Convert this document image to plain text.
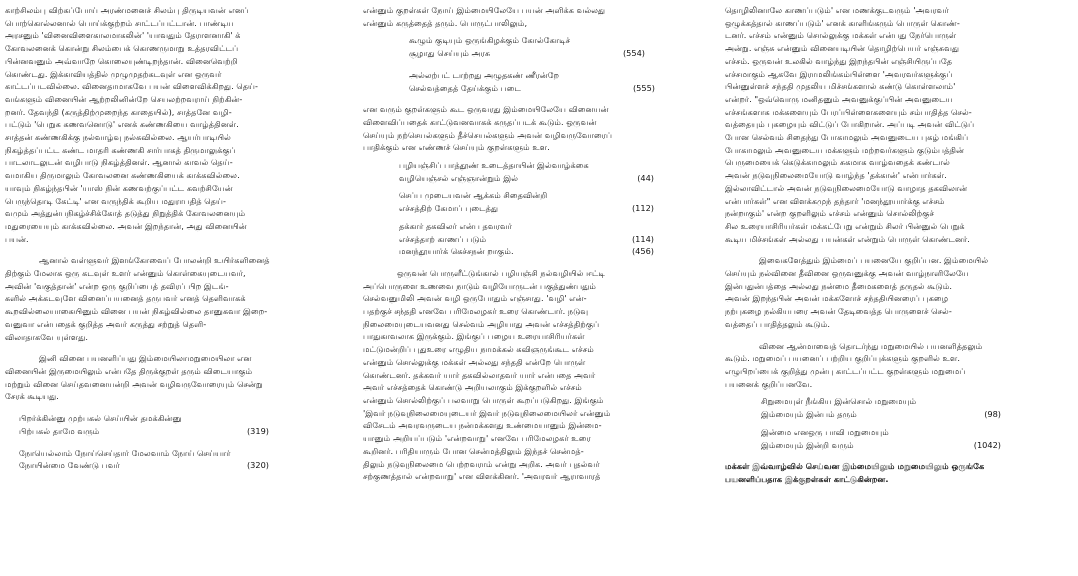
காற்சிலம்பு விற்கப்போய் அரண்மனைச் சிலம்பு திருடியவன் எனப்

பொற்கொல்லனால் பொய்க்குற்றம் சாட்டப்பட்டான். பாண்டிய

அரசனும் 'வினைவிளைகாலமாகலின்' 'யாவதும் தேராளனாகி' க்

கோவலனைக் கொன்று சிலம்பைக் கொணருமாறு உத்தரவிட்டப்

பின்னவனும் அவ்வாறே கொலையுண்டிறந்தான். வினைவெற்றி

கொண்டது. இக்காவியத்தில் முழுமுதற்கடவுள் என ஒருவர்

காட்டப்படவில்லை. வினைதாமாகவே பயன் விளைவிக்கிறது. தெய்-

வங்களும் வினையின் ஆற்றலினின்றே செயலற்றவராய் நிற்கின்-

றனர். தேவந்தி (கருத்திற்முறைந்த காதையில்), சாத்தனே வழி-

பட்டும் 'பெறுக கணவனொடு' எனக் கண்ணகியை வாழ்த்தினள்.

சாத்தன் கண்ணகிக்கு நல்வாழ்வு நல்கவில்லை. ஆயர்பாடியில்

நிகழ்த்தப்பட்ட கண்ட மாதரி கண்ணகி சார்பாகத் திருமாலுக்குப்

பாடலாடலுடன் வழிபாடு நிகழ்த்தினள். ஆனால் காவல் தெய்-

வமாகிய திருமாலும் கோவலனை கண்ணகியைக் காக்கவில்லை.

யாவும் நிகழ்ந்தபின் 'யாஸ் நின் கணவற்குப்பட்ட கவற்சியேன்

பெருந்தொடி கேட்டி' என வருந்திக் கூறிய மதுராபதித் தெய்-

வமும் அத்துன்பநிகழ்ச்சிக்கோத் தடுத்து நிறுத்திக் கோவலனையும்

மதுரையையும் காக்கவில்லை. அவன் இறந்தான், அது வினையின்

பயன்.

ஆனால் வள்ளுவர் இளங்கோவைப் போலன்றி உயிர்களினைத்

திற்கும் மேலாக ஒரு கடவுள் உளர் என்னும் கொள்கையுடையவர்,

அவின் 'வகுத்தான்' என்ற ஒரு குறிப்பைத் தவிரப் பிற இடங்-

களில் அக்கடவுளே வினைப்பயனைத் தருபவர் எனத் தெளிவாகக்

கூறவில்லையாகையினும் வினை பயன் நிகழ்வில்லை தானுகவா இறை-

வனுவா என்பதைக் குறித்த அவர் கருத்து சற்றுத் தெளி-

விலாதாகவே யுள்ளது.

இனி வினை பயனளிப்பது இம்மையிலாமறுமையிலா என

வினையின் இருமையிலும் என்பதே திருக்குறள் தரும் விடையாகும்

மற்றும் வினை செய்தவனையன்றி அவன் வழிவருவோரையும் சென்று

சேரக் கூடியது.

பிறர்க்கின்னு முற்பகல் செய்யின் தமக்கின்னு
பிற்பகல் தாமே வரும்	(319)
நோயெல்லாம் நோய்செய்தார் மேலவாம் நோய் செய்யார்
நோயின்மை வேண்டு பவர்	(320)

என்னும் குறள்கள் நோய் இம்மையிலேயே பயன் அளிக்க வல்லது

என்னும் கருத்தைத் தரும். பொருட்பாலிலும்,

கூழும் குடியும் ஒருங்கிழக்கும் கோல்கோடிச்
சூழாது செய்யும் அரசு	(554)
அல்லற்பட் டாற்றது அழுதகண் ணீரன்றே
செல்வத்தைத் தேய்க்கும் படை	(555)

என வரும் குறள்களும் கூட ஒருவரது இம்மையிலேயே வினையன்

விளைவிப்பதைக் காட்டுவனவாகக் கருதப்படக் கூடும். ஒருவன்

செய்யும் நற்செயல்களும் தீச்செயல்களும் அவன் வழிவருவோரைப்

பாதிக்கும் என எண்ணச் செய்யும் குறள்களும் உள.

பழியஞ்சிப் பாத்தூண் உடைத்தாயின் இல்வாழ்க்கை
வழியெஞ்சல் எஞ்ஞான்றும் இல்	(44)
செப்ப முடையவன் ஆக்கம் சிதைவின்றி
எச்சத்திற் கேமாப் புடைத்து	(112)
தக்கார் தகவிலர் என்ப தவரவர்
எச்சத்தாற் காணப் படும்	(114)
மனந்தூயார்க் கெச்சநன் றாகும்.	(456)

ஒருவன் பொருளீட்டுங்கால் பழியஞ்சி நல்வழியில் ஈட்டி

அப்பொருளை உணவை நாடும் வழியோருடன் பகுத்துண்பதும்

செல்வனுமிலி அவன் வழி ஒருபோதும் எஞ்சாது. 'வழி' என்-

பதற்குச் சந்ததி எனவே பரிமேலழகர் உரை கொண்டார். நடுவு

நிலைமையுடையவனது செல்வம் அழியாது அவன் எச்சத்திற்குப்

பாதுகாவலாக இருக்கும். இங்குப் பழைய உரையாசிரியர்கள்

மட்டுமன்றிப் புதுஉரை எழுதிய நாமக்கல் கவிஞருங்கூட எச்சம்

என்னும் சொல்லுக்கு மக்கள் அல்லது சந்ததி என்றே பொருள்

கொண்டனர். தக்கவர் யார் தகவில்லாதவர் யார் என்பதை அவர்

அவர் எச்சத்தைக் கொண்டு அறியலாகும் இக்குறளில் எச்சம்

என்னும் சொல்லிற்குப் பலவாறு பொருள் கூறப்படுகிறது. இங்கும்

'இவர் நடுவுநிலைமையுடையர் இவர் நடுவுநிலைமையிலர் என்னும்

விசேடம் அவரவருடைய நன்மக்களது உண்மையானும் இன்மை-

யானும் அறியப்படும் 'என்றவாறு' எனவே பரிமேலழகர் உரை

கூறினர். பரிதியாரும் போன சென்மத்திலும் இந்தச் சென்மத்-

திலும் நடுவுநிலைமை பெற்றவராம் என்று அறிக. அவர் புதல்வர்

சற்குணத்தால் என்றவாறு' என விளக்கினர். 'அவரவர் ஆராவாரத்

தொழிலினாலே காணப்படும்' என மணக்குடவரும் 'அவரவர்

ஒழுக்கத்தால் காணப்படும்' எனக் காளிங்கரும் பொருள் கொண்-

டனர். எச்சம் என்னும் சொல்லுக்கு மக்கள் என்பது நேர்பொருள்

அன்று. எஞ்சு என்னும் வினையடியின் தொழிற்பெயர் எஞ்சுவது

எச்சம். ஒருவன் உலகில் வாழ்ந்து இறந்தபின் எஞ்சியிருப்பதே

எச்சமாகும் ஆகவே இராமலிங்கம்பிள்ளை 'அவரவர்களுக்குப்

பின்னுள்ளச் சந்ததி முதலிய மிச்சங்களால் கண்டு கொள்ளலாம்'

என்றர். "ஒவ்வொரு மனிதனும் அவனுக்குப்பின் அவனுடைய

எச்சங்களாக மக்களையும் பேரப்பிள்ளைகளையும் சம்பாதித்த செல்-

வத்தையும் புகழையும் விட்டுப் போகிறான். அப்படி அவன் விட்டுப்

போன செல்வம் சிதைந்து போகாமலும் அவனுடைய புகழ் மங்கிப்

போகாமலும் அவனுடைய மக்களும் மற்றவர்களும் குடும்பத்தின்

பெருமையைக் கெடுக்காமலும் சுகமாக வாழ்வதைக் கண்டால்

அவன் நடுவுநிலைமையோடு வாழ்ந்த 'தக்கான்' என்பார்கள்.

இல்லாவிட்டால் அவன் நடுவுநிலைமையோடு வாழாத தகவிலான்

என்பார்கள்" என விளக்கமுந் தந்தார் 'மனந்தூயார்க்கு எச்சம்

நன்றாகும்' என்ற குறளிலும் எச்சம் என்னும் சொல்லிற்குச்

சில உரையாசிரியர்கள் மக்கட்பேறு என்றும் சிலர் பின்னுல் பெறுக்

கூடிய மிச்சங்கள் அல்லது பயன்கள் என்றும் பொருள் கொண்டனர்.

இவைகளேத்தும் இம்மைப் பயனையே குறிப்பன. இம்மையில்

செய்யும் நல்வினை தீவினை ஒருவனுக்கு அவன் வாழ்நாளிலேயே

இன்பதுன்பத்தை அல்லது நன்மை தீமைகளைத் தருதல் கூடும்.

அவன் இறந்தபின் அவன் மக்களோச் சந்ததியினரைப் புகழை

நற்புகழை நல்கியபரை அவன் தேடிவைத்த பொருளைச் செல்-

வத்தைப் பாதித்தலும் கூடும்.

வினை ஆன்மாவைத் தொடர்ந்து மறுமையில் பயனளித்தலும்

கூடும். மறுமைப் பயனைப் பற்றிய குறிப்புக்களும் குறளில் உள.

எழுபிறப்பைக் குறித்து முன்பு காட்டப்பட்ட குறள்களும் மறுமைப்

பயனைக் குறிப்பனவே.

சிறுமையுள் நீங்கிய இன்சொல் மறுமையும்
இம்மையும் இன்பம் தரும்	(98)
இன்மை எனஒரு பாவி மறுமையும்
இம்மையும் இன்றி வரும்	(1042)

மக்கள் இவ்வாழ்வில் செய்வன இம்மையிலும் மறுமையிலும் ஒருங்கே

பயனளிப்பதாக இக்குறள்கள் காட்டுகின்றன.
